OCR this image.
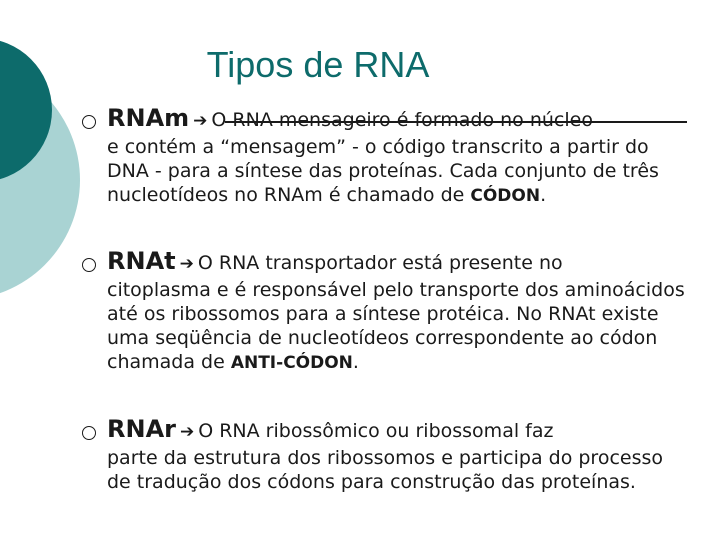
Tipos de RNA
RNAm ➔ O RNA mensageiro é formado no núcleo
e contém a “mensagem” - o código transcrito a partir do DNA - para a síntese das proteínas. Cada conjunto de três nucleotídeos no RNAm é chamado de CÓDON.
RNAt ➔ O RNA transportador está presente no
citoplasma e é responsável pelo transporte dos aminoácidos até os ribossomos para a síntese protéica. No RNAt existe uma seqüência de nucleotídeos correspondente ao códon chamada de ANTI-CÓDON.
RNAr ➔ O RNA ribossômico ou ribossomal faz
parte da estrutura dos ribossomos e participa do processo de tradução dos códons para construção das proteínas.
